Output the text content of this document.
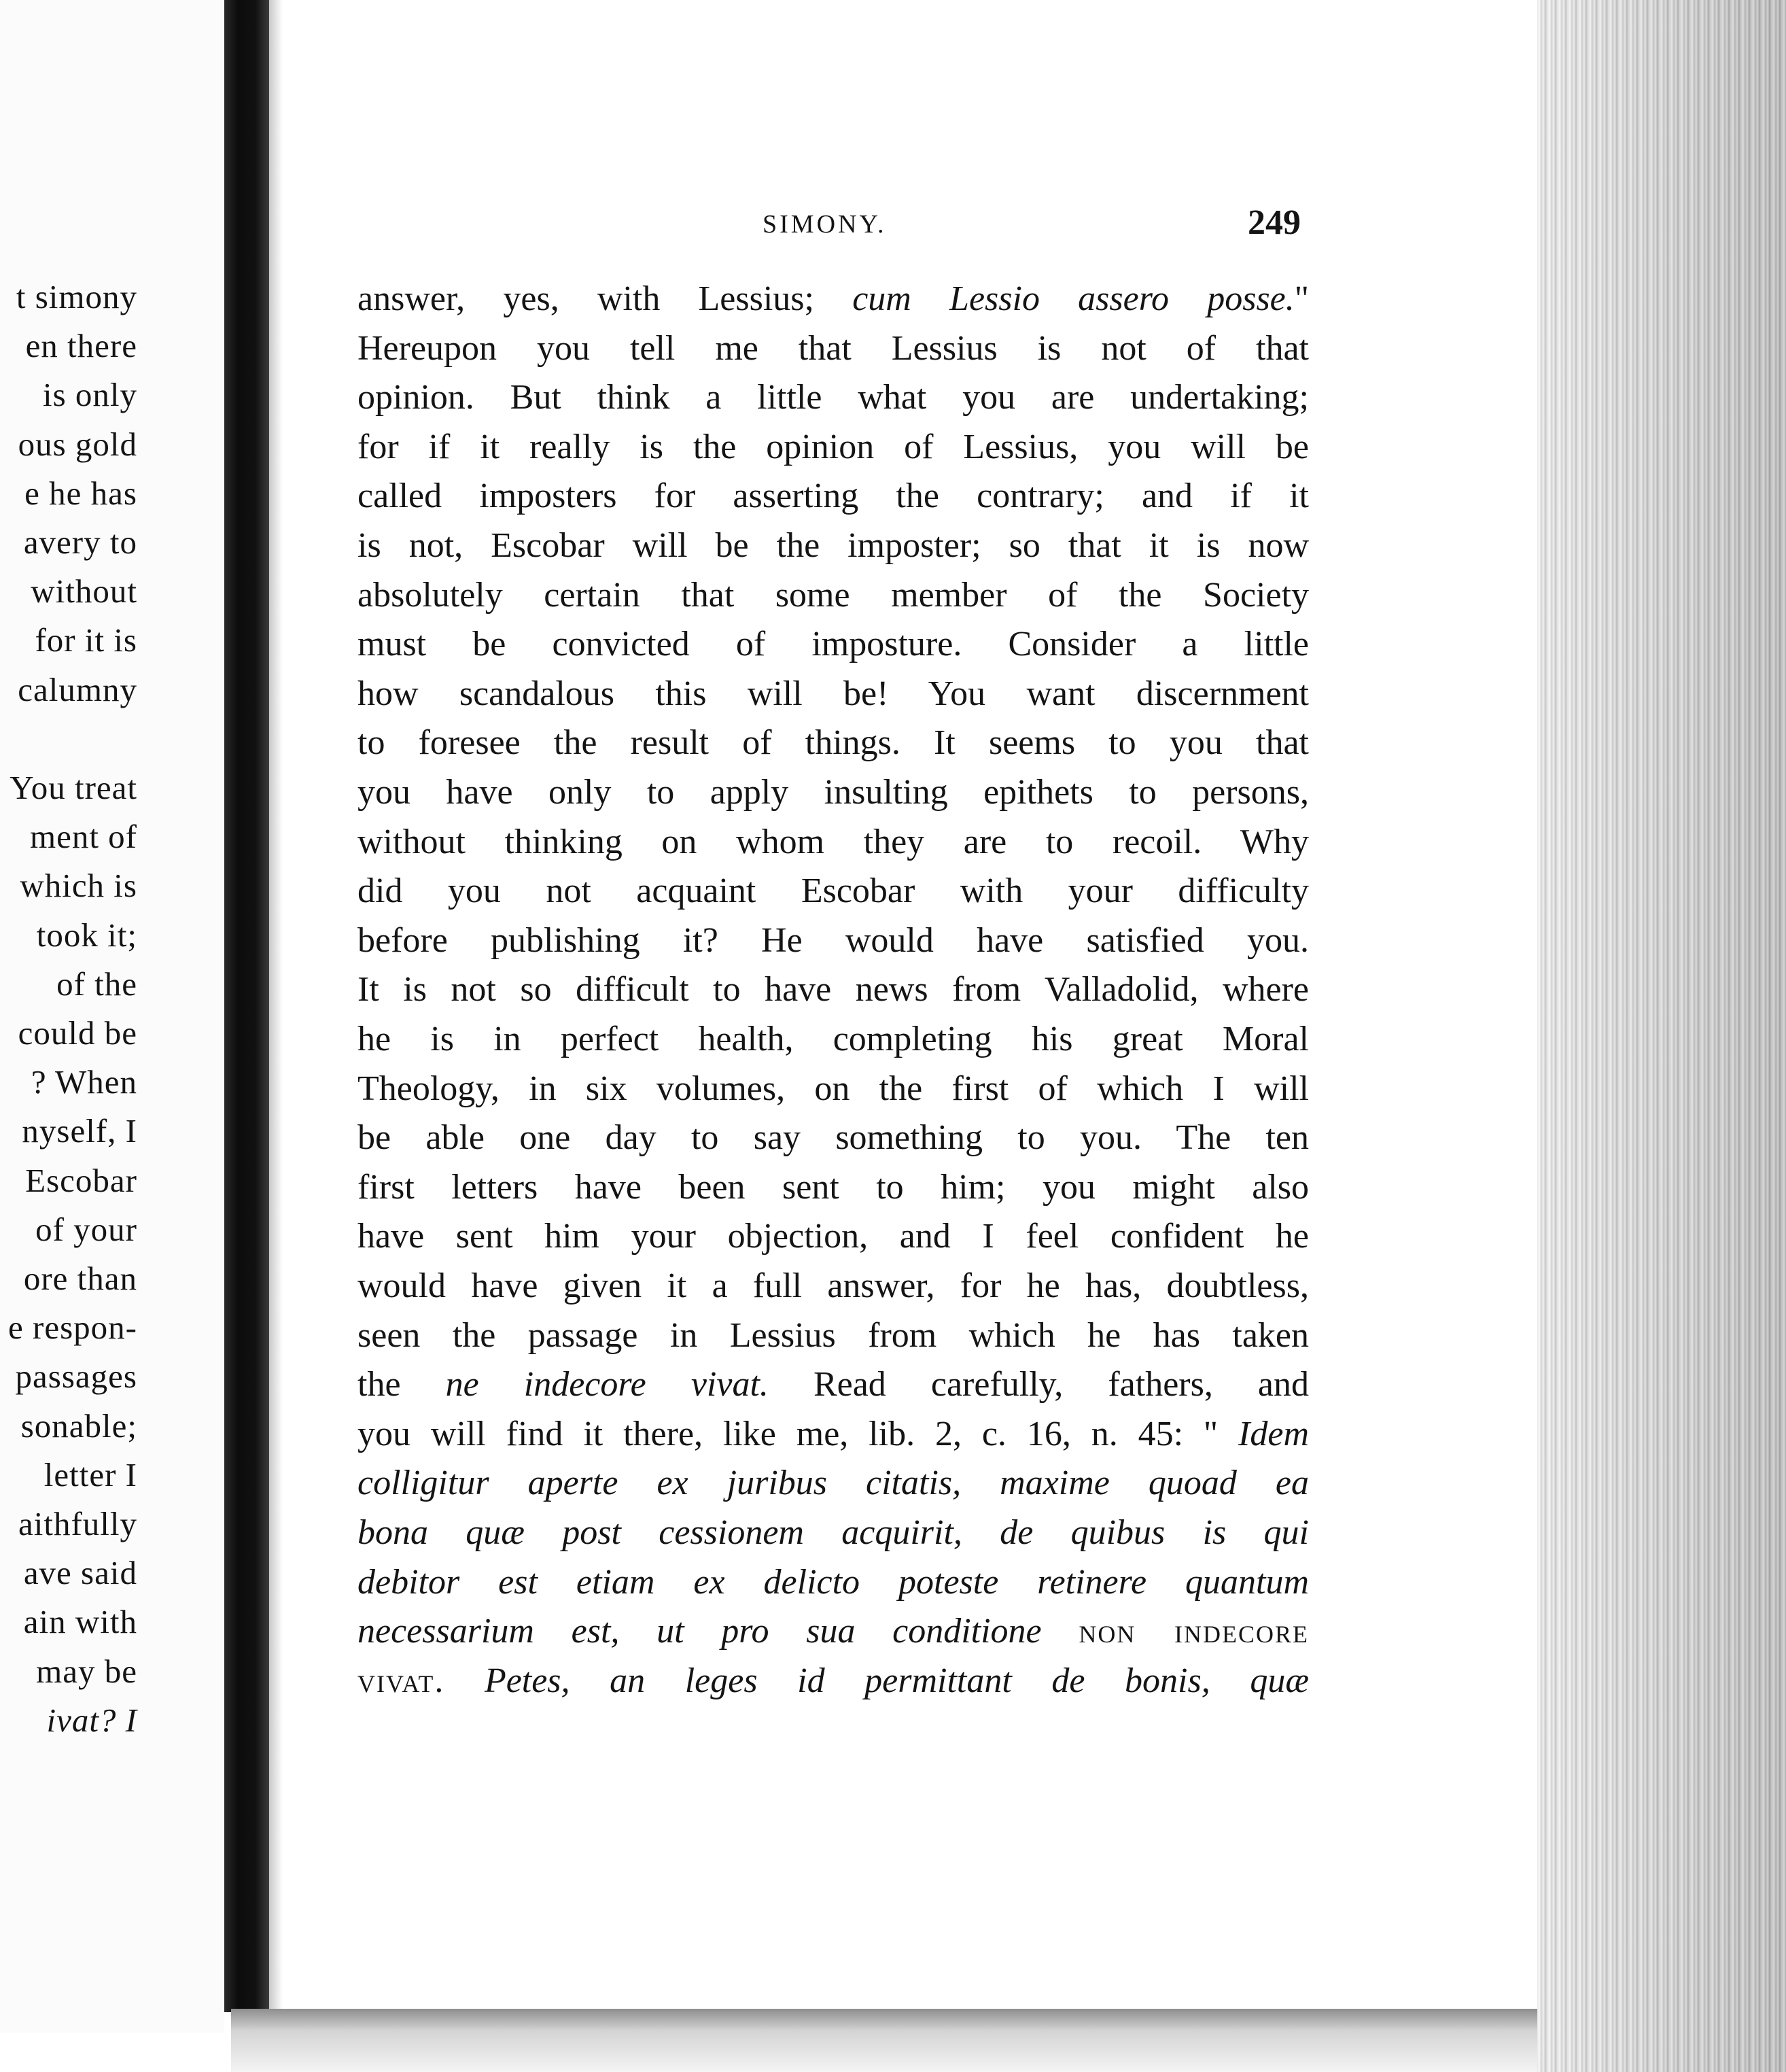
t simony
en there
is only
ous gold
e he has
avery to
without
for it is
calumny
You treat
ment of
which is
took it;
of the
could be
? When
nyself, I
Escobar
of your
ore than
e respon-
passages
sonable;
letter I
aithfully
ave said
ain with
may be
ivat? I
SIMONY.	249
answer, yes, with Lessius; cum Lessio assero posse."
Hereupon you tell me that Lessius is not of that
opinion. But think a little what you are undertaking;
for if it really is the opinion of Lessius, you will be
called imposters for asserting the contrary; and if it
is not, Escobar will be the imposter; so that it is now
absolutely certain that some member of the Society
must be convicted of imposture. Consider a little
how scandalous this will be! You want discernment
to foresee the result of things. It seems to you that
you have only to apply insulting epithets to persons,
without thinking on whom they are to recoil. Why
did you not acquaint Escobar with your difficulty
before publishing it? He would have satisfied you.
It is not so difficult to have news from Valladolid, where
he is in perfect health, completing his great Moral
Theology, in six volumes, on the first of which I will
be able one day to say something to you. The ten
first letters have been sent to him; you might also
have sent him your objection, and I feel confident he
would have given it a full answer, for he has, doubtless,
seen the passage in Lessius from which he has taken
the ne indecore vivat. Read carefully, fathers, and
you will find it there, like me, lib. 2, c. 16, n. 45: " Idem
colligitur aperte ex juribus citatis, maxime quoad ea
bona quæ post cessionem acquirit, de quibus is qui
debitor est etiam ex delicto poteste retinere quantum
necessarium est, ut pro sua conditione non indecore
vivat. Petes, an leges id permittant de bonis, quæ
